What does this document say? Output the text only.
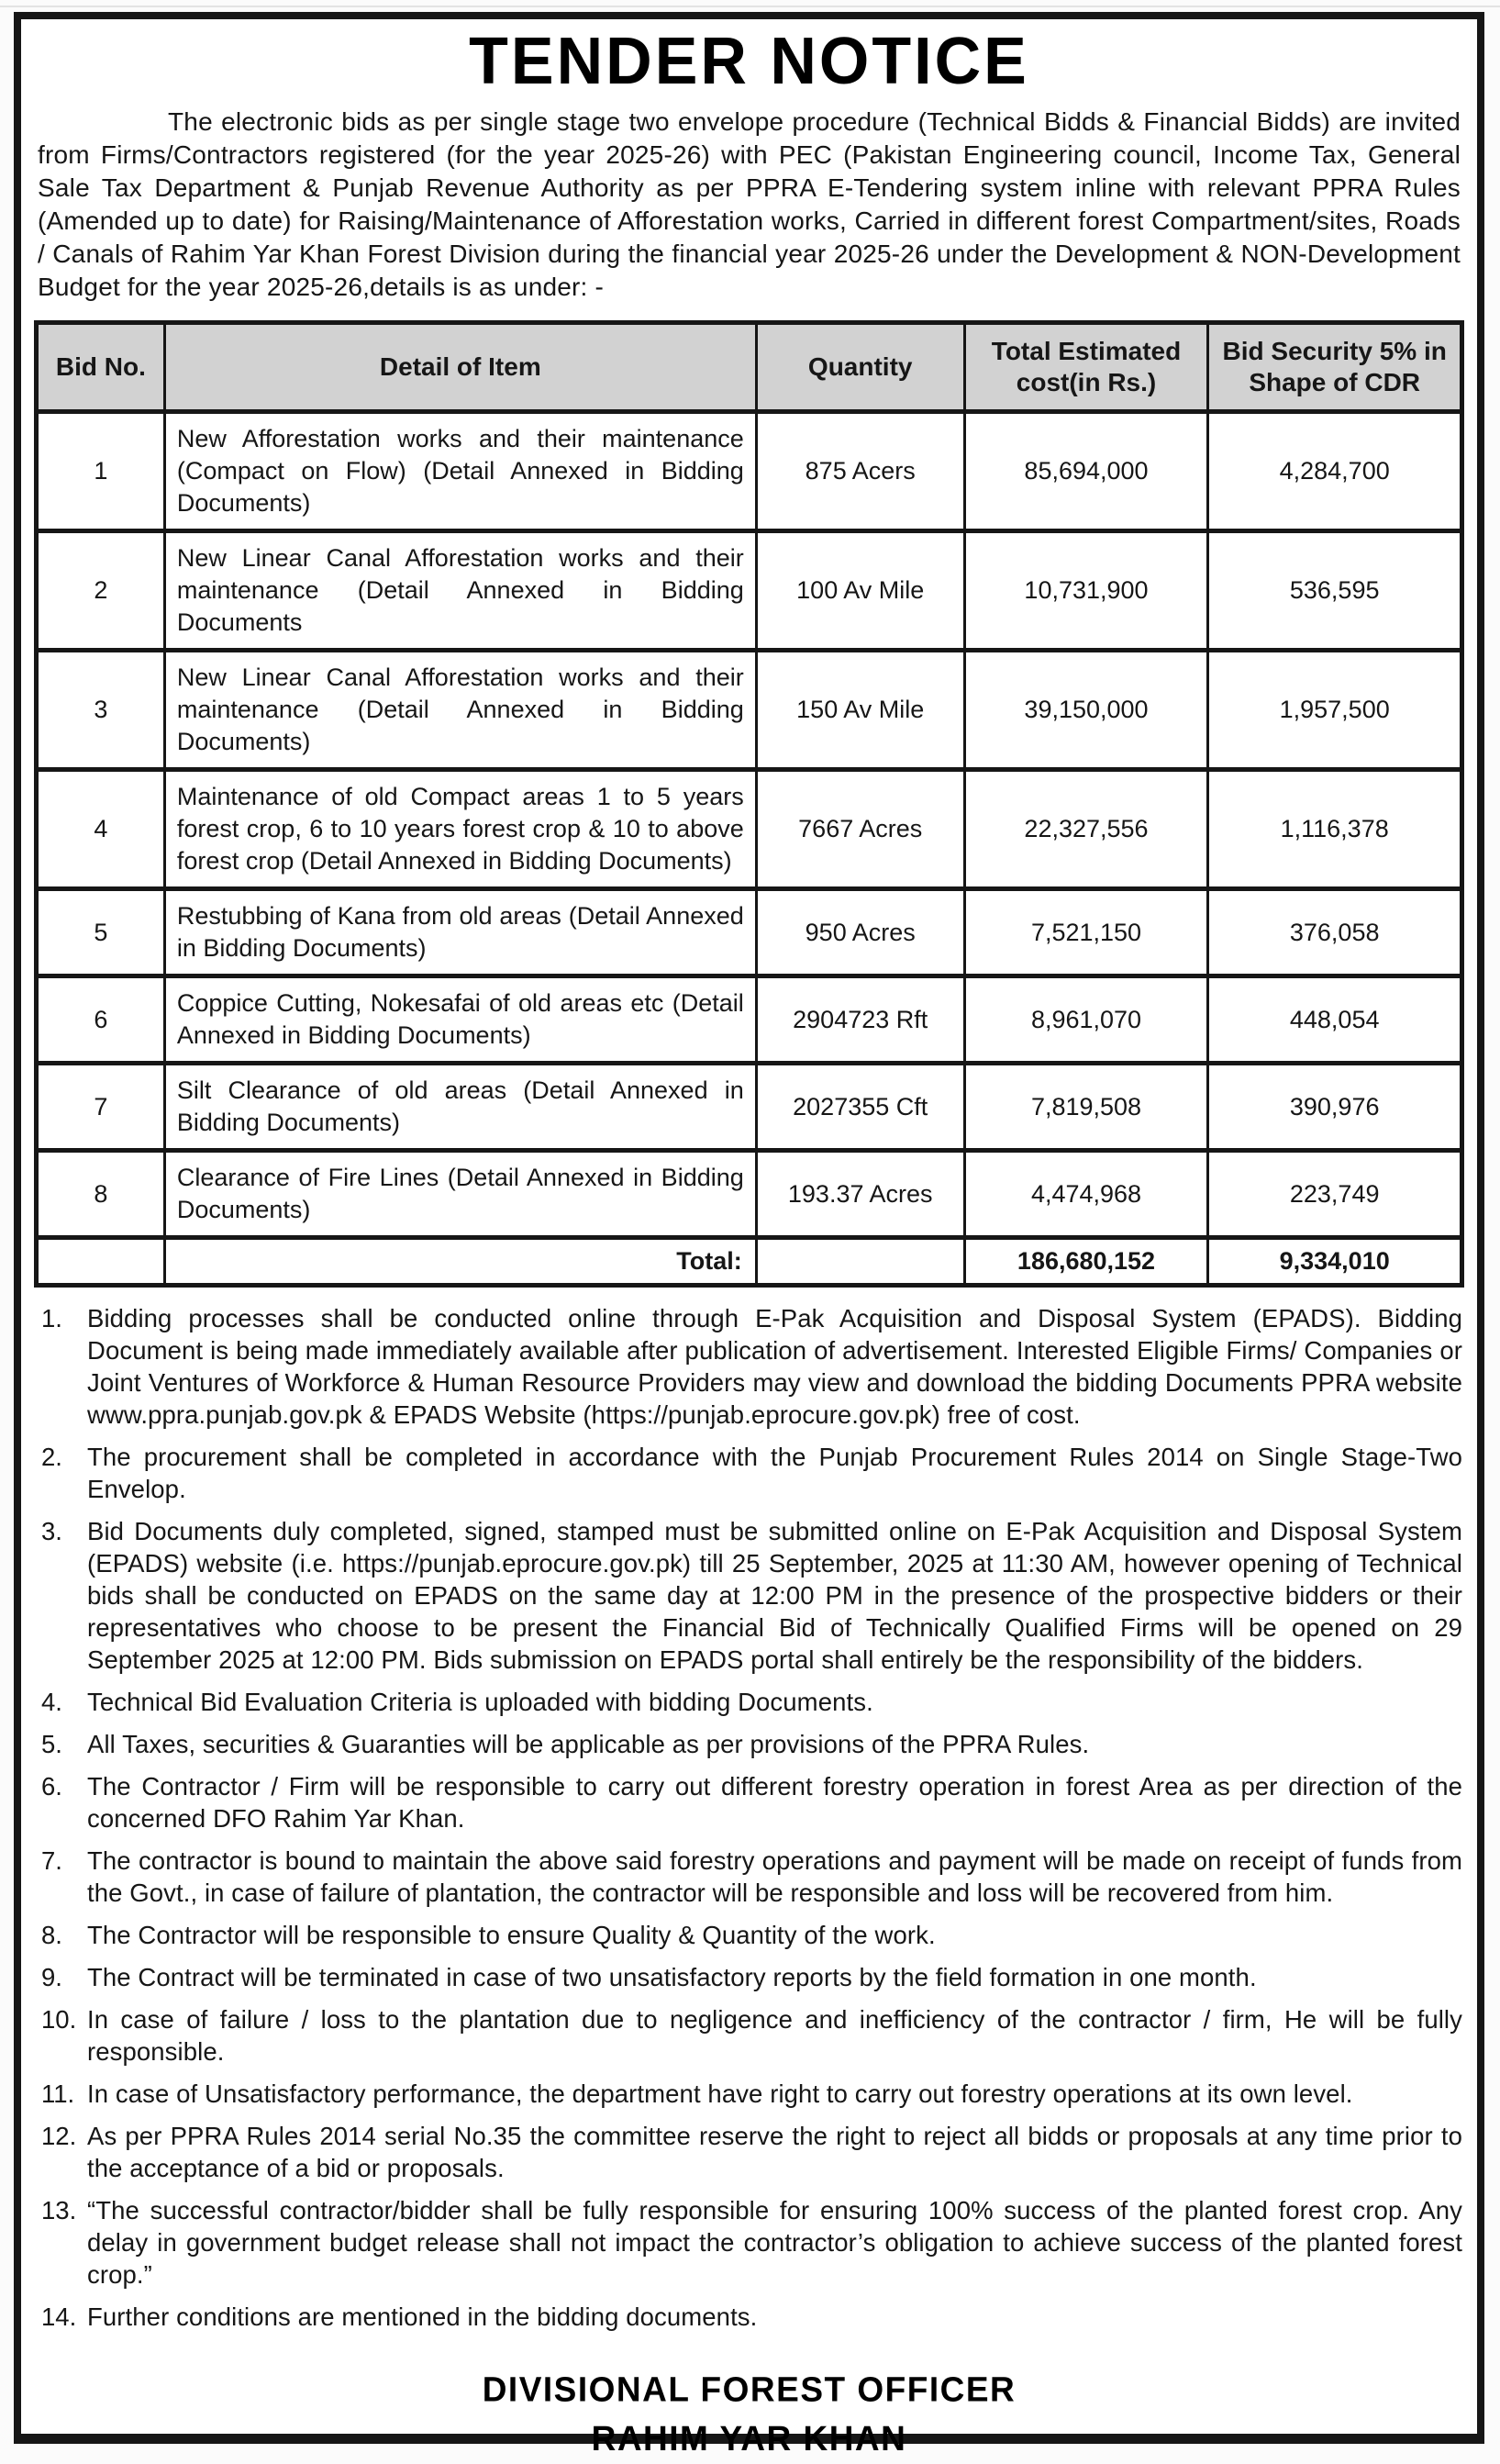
TENDER NOTICE

The electronic bids as per single stage two envelope procedure (Technical Bidds & Financial Bidds) are invited from Firms/Contractors registered (for the year 2025-26) with PEC (Pakistan Engineering council, Income Tax, General Sale Tax Department & Punjab Revenue Authority as per PPRA E-Tendering system inline with relevant PPRA Rules (Amended up to date) for Raising/Maintenance of Afforestation works, Carried in different forest Compartment/sites, Roads / Canals of Rahim Yar Khan Forest Division during the financial year 2025-26 under the Development & NON-Development Budget for the year 2025-26,details is as under: -

Bid No.	Detail of Item	Quantity	Total Estimated cost(in Rs.)	Bid Security 5% in Shape of CDR
1	New Afforestation works and their maintenance (Compact on Flow) (Detail Annexed in Bidding Documents)	875 Acers	85,694,000	4,284,700
2	New Linear Canal Afforestation works and their maintenance (Detail Annexed in Bidding Documents	100 Av Mile	10,731,900	536,595
3	New Linear Canal Afforestation works and their maintenance (Detail Annexed in Bidding Documents)	150 Av Mile	39,150,000	1,957,500
4	Maintenance of old Compact areas 1 to 5 years forest crop, 6 to 10 years forest crop & 10 to above forest crop (Detail Annexed in Bidding Documents)	7667 Acres	22,327,556	1,116,378
5	Restubbing of Kana from old areas (Detail Annexed in Bidding Documents)	950 Acres	7,521,150	376,058
6	Coppice Cutting, Nokesafai of old areas etc (Detail Annexed in Bidding Documents)	2904723 Rft	8,961,070	448,054
7	Silt Clearance of old areas (Detail Annexed in Bidding Documents)	2027355 Cft	7,819,508	390,976
8	Clearance of Fire Lines (Detail Annexed in Bidding Documents)	193.37 Acres	4,474,968	223,749
	Total:		186,680,152	9,334,010
1. Bidding processes shall be conducted online through E-Pak Acquisition and Disposal System (EPADS). Bidding Document is being made immediately available after publication of advertisement. Interested Eligible Firms/ Companies or Joint Ventures of Workforce & Human Resource Providers may view and download the bidding Documents PPRA website www.ppra.punjab.gov.pk & EPADS Website (https://punjab.eprocure.gov.pk) free of cost.
2. The procurement shall be completed in accordance with the Punjab Procurement Rules 2014 on Single Stage-Two Envelop.
3. Bid Documents duly completed, signed, stamped must be submitted online on E-Pak Acquisition and Disposal System (EPADS) website (i.e. https://punjab.eprocure.gov.pk) till 25 September, 2025 at 11:30 AM, however opening of Technical bids shall be conducted on EPADS on the same day at 12:00 PM in the presence of the prospective bidders or their representatives who choose to be present the Financial Bid of Technically Qualified Firms will be opened on 29 September 2025 at 12:00 PM. Bids submission on EPADS portal shall entirely be the responsibility of the bidders.
4. Technical Bid Evaluation Criteria is uploaded with bidding Documents.
5. All Taxes, securities & Guaranties will be applicable as per provisions of the PPRA Rules.
6. The Contractor / Firm will be responsible to carry out different forestry operation in forest Area as per direction of the concerned DFO Rahim Yar Khan.
7. The contractor is bound to maintain the above said forestry operations and payment will be made on receipt of funds from the Govt., in case of failure of plantation, the contractor will be responsible and loss will be recovered from him.
8. The Contractor will be responsible to ensure Quality & Quantity of the work.
9. The Contract will be terminated in case of two unsatisfactory reports by the field formation in one month.
10. In case of failure / loss to the plantation due to negligence and inefficiency of the contractor / firm, He will be fully responsible.
11. In case of Unsatisfactory performance, the department have right to carry out forestry operations at its own level.
12. As per PPRA Rules 2014 serial No.35 the committee reserve the right to reject all bidds or proposals at any time prior to the acceptance of a bid or proposals.
13. “The successful contractor/bidder shall be fully responsible for ensuring 100% success of the planted forest crop. Any delay in government budget release shall not impact the contractor’s obligation to achieve success of the planted forest crop.”
14. Further conditions are mentioned in the bidding documents.
DIVISIONAL FOREST OFFICER
RAHIM YAR KHAN
